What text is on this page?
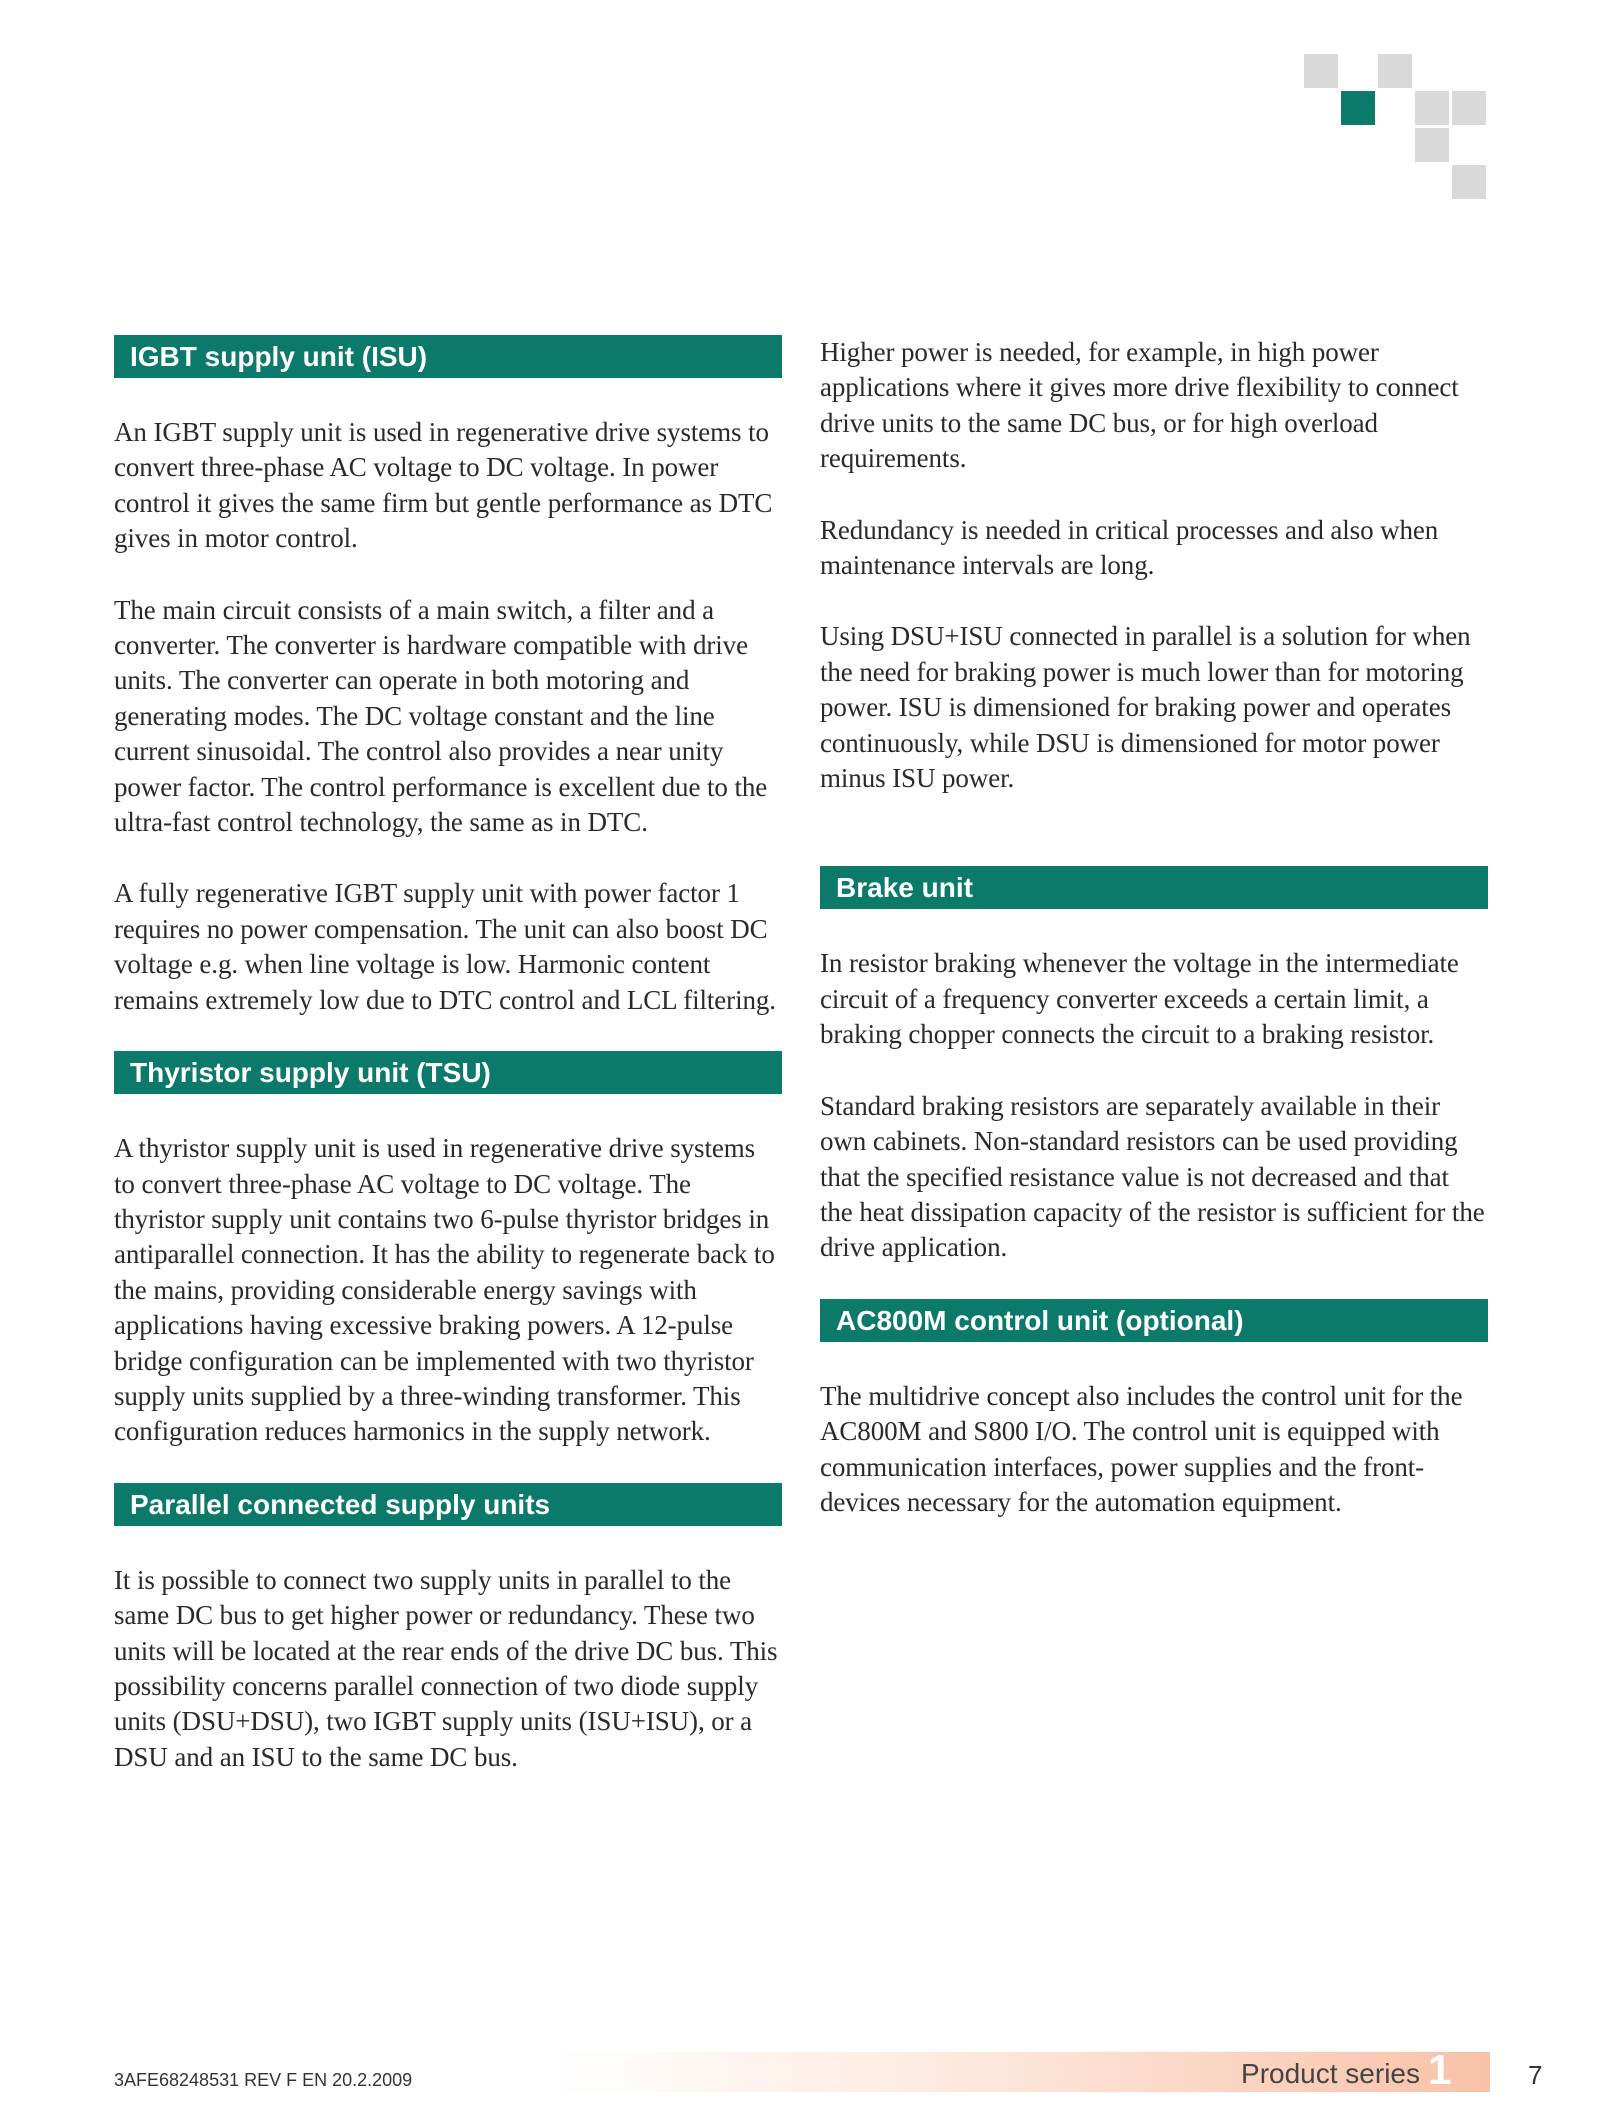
IGBT supply unit (ISU)

An IGBT supply unit is used in regenerative drive systems to convert three-phase AC voltage to DC voltage. In power control it gives the same firm but gentle performance as DTC gives in motor control.

The main circuit consists of a main switch, a filter and a converter. The converter is hardware compatible with drive units. The converter can operate in both motoring and generating modes. The DC voltage constant and the line current sinusoidal. The control also provides a near unity power factor. The control performance is excellent due to the ultra-fast control technology, the same as in DTC.

A fully regenerative IGBT supply unit with power factor 1 requires no power compensation. The unit can also boost DC voltage e.g. when line voltage is low. Harmonic content remains extremely low due to DTC control and LCL filtering.

Thyristor supply unit (TSU)

A thyristor supply unit is used in regenerative drive systems to convert three-phase AC voltage to DC voltage. The thyristor supply unit contains two 6-pulse thyristor bridges in antiparallel connection. It has the ability to regenerate back to the mains, providing considerable energy savings with applications having excessive braking powers. A 12-pulse bridge configuration can be implemented with two thyristor supply units supplied by a three-winding transformer. This configuration reduces harmonics in the supply network.

Parallel connected supply units

It is possible to connect two supply units in parallel to the same DC bus to get higher power or redundancy. These two units will be located at the rear ends of the drive DC bus. This possibility concerns parallel connection of two diode supply units (DSU+DSU), two IGBT supply units (ISU+ISU), or a DSU and an ISU to the same DC bus.

Higher power is needed, for example, in high power applications where it gives more drive flexibility to connect drive units to the same DC bus, or for high overload requirements.

Redundancy is needed in critical processes and also when maintenance intervals are long.

Using DSU+ISU connected in parallel is a solution for when the need for braking power is much lower than for motoring power. ISU is dimensioned for braking power and operates continuously, while DSU is dimensioned for motor power minus ISU power.

Brake unit

In resistor braking whenever the voltage in the intermediate circuit of a frequency converter exceeds a certain limit, a braking chopper connects the circuit to a braking resistor.

Standard braking resistors are separately available in their own cabinets. Non-standard resistors can be used providing that the specified resistance value is not decreased and that the heat dissipation capacity of the resistor is sufficient for the drive application.

AC800M control unit (optional)

The multidrive concept also includes the control unit for the AC800M and S800 I/O. The control unit is equipped with communication interfaces, power supplies and the front-devices necessary for the automation equipment.

3AFE68248531 REV F EN 20.2.2009	Product series 1	7
